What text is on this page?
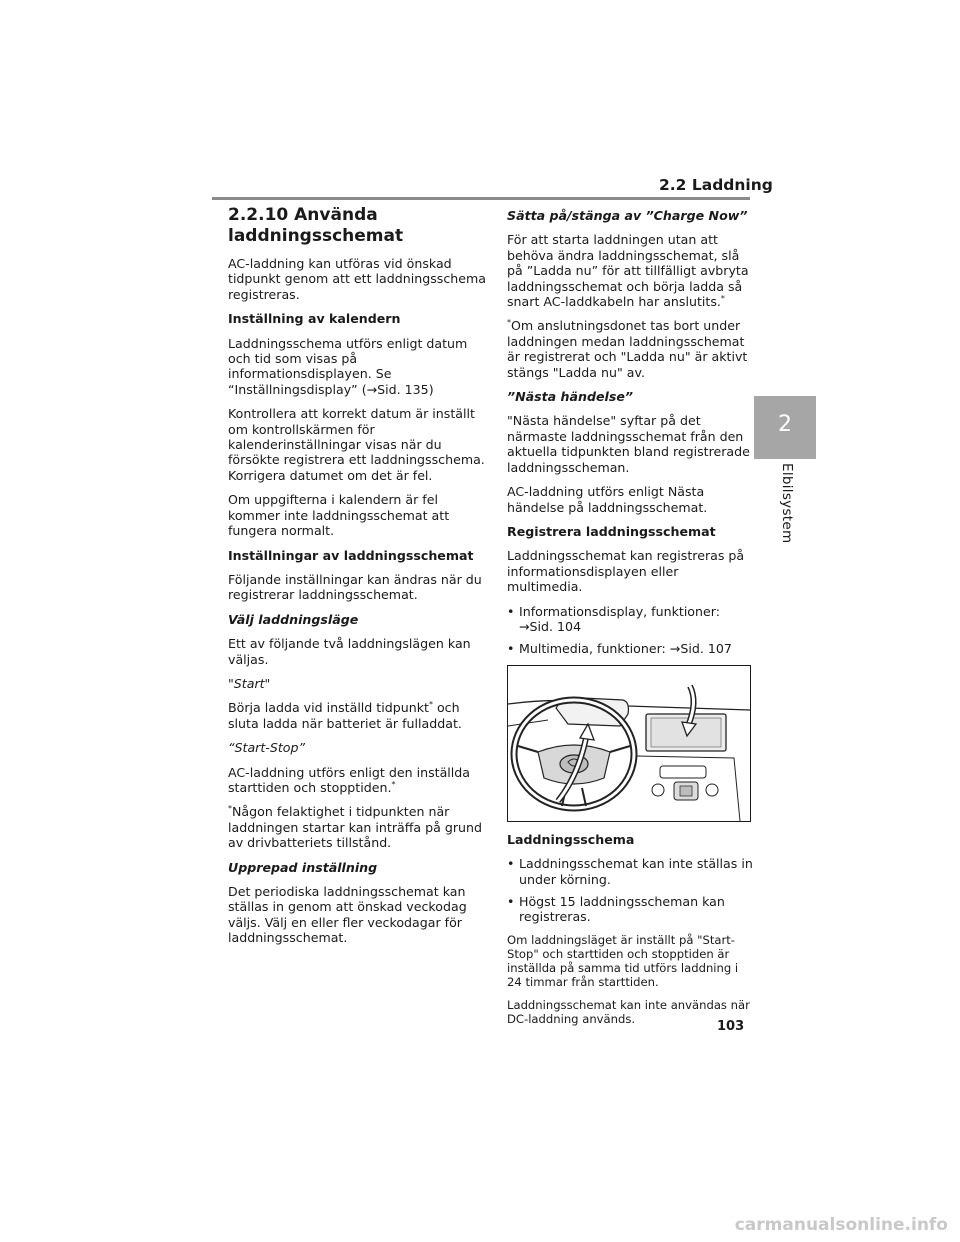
2.2 Laddning
2
Elbilsystem
2.2.10 Använda laddningsschemat

AC-laddning kan utföras vid önskad tidpunkt genom att ett laddningsschema registreras.

Inställning av kalendern

Laddningsschema utförs enligt datum och tid som visas på informationsdisplayen. Se “Inställningsdisplay” (→Sid. 135)

Kontrollera att korrekt datum är inställt om kontrollskärmen för kalenderinställningar visas när du försökte registrera ett laddningsschema. Korrigera datumet om det är fel.

Om uppgifterna i kalendern är fel kommer inte laddningsschemat att fungera normalt.

Inställningar av laddningsschemat

Följande inställningar kan ändras när du registrerar laddningsschemat.

Välj laddningsläge

Ett av följande två laddningslägen kan väljas.

"Start"

Börja ladda vid inställd tidpunkt* och sluta ladda när batteriet är fulladdat.

“Start-Stop”

AC-laddning utförs enligt den inställda starttiden och stopptiden.*

*Någon felaktighet i tidpunkten när laddningen startar kan inträffa på grund av drivbatteriets tillstånd.

Upprepad inställning

Det periodiska laddningsschemat kan ställas in genom att önskad veckodag väljs. Välj en eller fler veckodagar för laddningsschemat.

Sätta på/stänga av ”Charge Now”

För att starta laddningen utan att behöva ändra laddningsschemat, slå på ”Ladda nu” för att tillfälligt avbryta laddningsschemat och börja ladda så snart AC-laddkabeln har anslutits.*

*Om anslutningsdonet tas bort under laddningen medan laddningsschemat är registrerat och "Ladda nu" är aktivt stängs "Ladda nu" av.

”Nästa händelse”

"Nästa händelse" syftar på det närmaste laddningsschemat från den aktuella tidpunkten bland registrerade laddningsscheman.

AC-laddning utförs enligt Nästa händelse på laddningsschemat.

Registrera laddningsschemat

Laddningsschemat kan registreras på informationsdisplayen eller multimedia.

• Informationsdisplay, funktioner: →Sid. 104
• Multimedia, funktioner: →Sid. 107

Laddningsschema

• Laddningsschemat kan inte ställas in under körning.
• Högst 15 laddningsscheman kan registreras.

Om laddningsläget är inställt på "Start-Stop" och starttiden och stopptiden är inställda på samma tid utförs laddning i 24 timmar från starttiden.

Laddningsschemat kan inte användas när DC-laddning används.

103
carmanualsonline.info
